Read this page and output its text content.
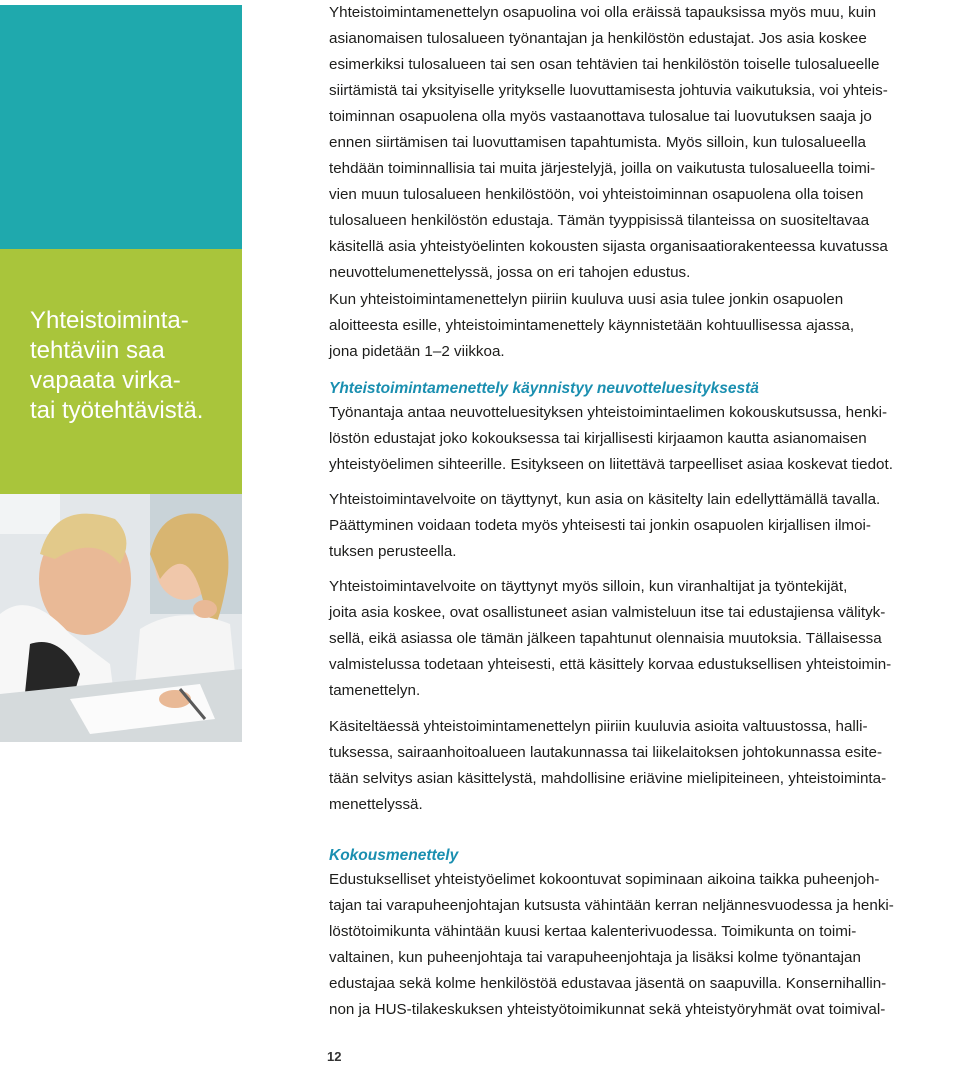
Yhteistoiminta-
tehtäviin saa
vapaata virka-
tai työtehtävistä.

Yhteistoimintamenettelyn osapuolina voi olla eräissä tapauksissa myös muu, kuin
asianomaisen tulosalueen työnantajan ja henkilöstön edustajat. Jos asia koskee
esimerkiksi tulosalueen tai sen osan tehtävien tai henkilöstön toiselle tulosalueelle
siirtämistä tai yksityiselle yritykselle luovuttamisesta johtuvia vaikutuksia, voi yhteis-
toiminnan osapuolena olla myös vastaanottava tulosalue tai luovutuksen saaja jo
ennen siirtämisen tai luovuttamisen tapahtumista. Myös silloin, kun tulosalueella
tehdään toiminnallisia tai muita järjestelyjä, joilla on vaikutusta tulosalueella toimi-
vien muun tulosalueen henkilöstöön, voi yhteistoiminnan osapuolena olla toisen
tulosalueen henkilöstön edustaja. Tämän tyyppisissä tilanteissa on suositeltavaa
käsitellä asia yhteistyöelinten kokousten sijasta organisaatiorakenteessa kuvatussa
neuvottelumenettelyssä, jossa on eri tahojen edustus.

Kun yhteistoimintamenettelyn piiriin kuuluva uusi asia tulee jonkin osapuolen
aloitteesta esille, yhteistoimintamenettely käynnistetään kohtuullisessa ajassa,
jona pidetään 1–2 viikkoa.

Yhteistoimintamenettely käynnistyy neuvotteluesityksestä

Työnantaja antaa neuvotteluesityksen yhteistoimintaelimen kokouskutsussa, henki-
löstön edustajat joko kokouksessa tai kirjallisesti kirjaamon kautta asianomaisen
yhteistyöelimen sihteerille. Esitykseen on liitettävä tarpeelliset asiaa koskevat tiedot.

Yhteistoimintavelvoite on täyttynyt, kun asia on käsitelty lain edellyttämällä tavalla.
Päättyminen voidaan todeta myös yhteisesti tai jonkin osapuolen kirjallisen ilmoi-
tuksen perusteella.

Yhteistoimintavelvoite on täyttynyt myös silloin, kun viranhaltijat ja työntekijät,
joita asia koskee, ovat osallistuneet asian valmisteluun itse tai edustajiensa välityk-
sellä, eikä asiassa ole tämän jälkeen tapahtunut olennaisia muutoksia. Tällaisessa
valmistelussa todetaan yhteisesti, että käsittely korvaa edustuksellisen yhteistoimin-
tamenettelyn.

Käsiteltäessä yhteistoimintamenettelyn piiriin kuuluvia asioita valtuustossa, halli-
tuksessa, sairaanhoitoalueen lautakunnassa tai liikelaitoksen johtokunnassa esite-
tään selvitys asian käsittelystä, mahdollisine eriävine mielipiteineen, yhteistoiminta-
menettelyssä.

Kokousmenettely

Edustukselliset yhteistyöelimet kokoontuvat sopiminaan aikoina taikka puheenjoh-
tajan tai varapuheenjohtajan kutsusta vähintään kerran neljännesvuodessa ja henki-
löstötoimikunta vähintään kuusi kertaa kalenterivuodessa. Toimikunta on toimi-
valtainen, kun puheenjohtaja tai varapuheenjohtaja ja lisäksi kolme työnantajan
edustajaa sekä kolme henkilöstöä edustavaa jäsentä on saapuvilla. Konsernihallin-
non ja HUS-tilakeskuksen yhteistyötoimikunnat sekä yhteistyöryhmät ovat toimival-

12
